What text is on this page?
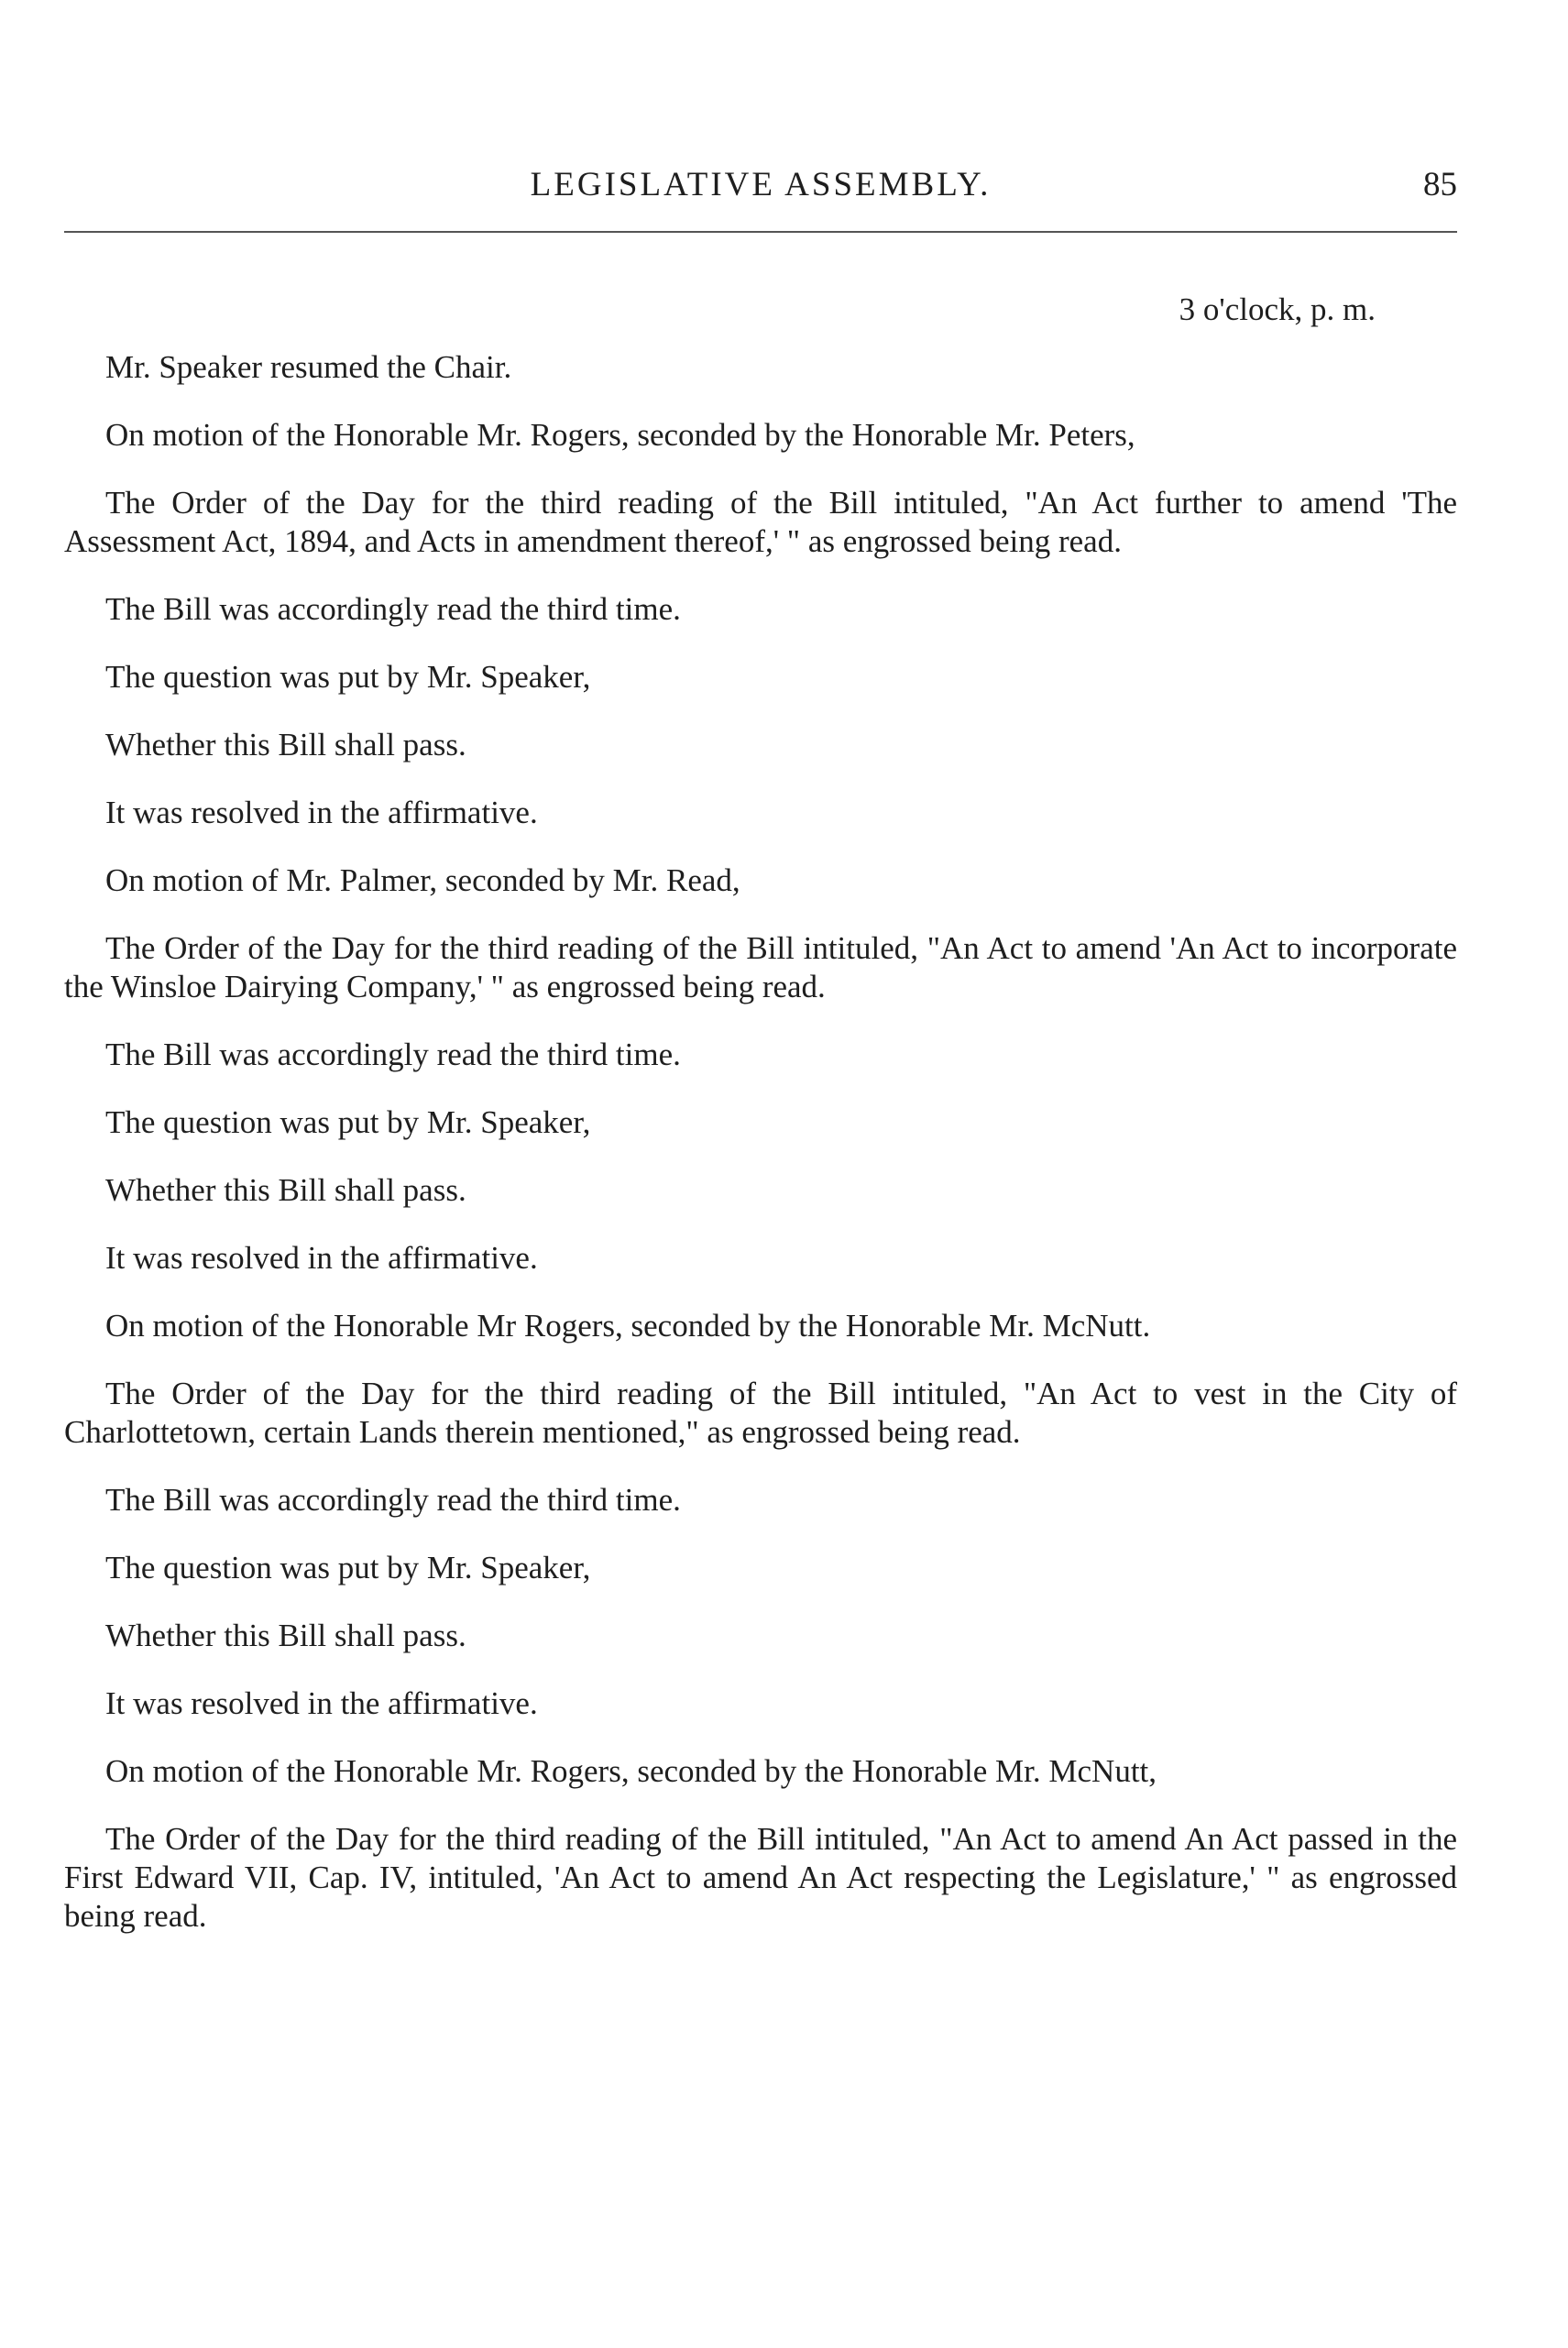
LEGISLATIVE ASSEMBLY.	85
3 o'clock, p. m.

Mr. Speaker resumed the Chair.

On motion of the Honorable Mr. Rogers, seconded by the Honorable Mr. Peters,

The Order of the Day for the third reading of the Bill intituled, "An Act further to amend 'The Assessment Act, 1894, and Acts in amendment thereof,' " as engrossed being read.

The Bill was accordingly read the third time.

The question was put by Mr. Speaker,

Whether this Bill shall pass.

It was resolved in the affirmative.

On motion of Mr. Palmer, seconded by Mr. Read,

The Order of the Day for the third reading of the Bill intituled, "An Act to amend 'An Act to incorporate the Winsloe Dairying Company,' " as engrossed being read.

The Bill was accordingly read the third time.

The question was put by Mr. Speaker,

Whether this Bill shall pass.

It was resolved in the affirmative.

On motion of the Honorable Mr Rogers, seconded by the Honorable Mr. McNutt.

The Order of the Day for the third reading of the Bill intituled, "An Act to vest in the City of Charlottetown, certain Lands therein mentioned," as engrossed being read.

The Bill was accordingly read the third time.

The question was put by Mr. Speaker,

Whether this Bill shall pass.

It was resolved in the affirmative.

On motion of the Honorable Mr. Rogers, seconded by the Honorable Mr. McNutt,

The Order of the Day for the third reading of the Bill intituled, "An Act to amend An Act passed in the First Edward VII, Cap. IV, intituled, 'An Act to amend An Act respecting the Legislature,' " as engrossed being read.
